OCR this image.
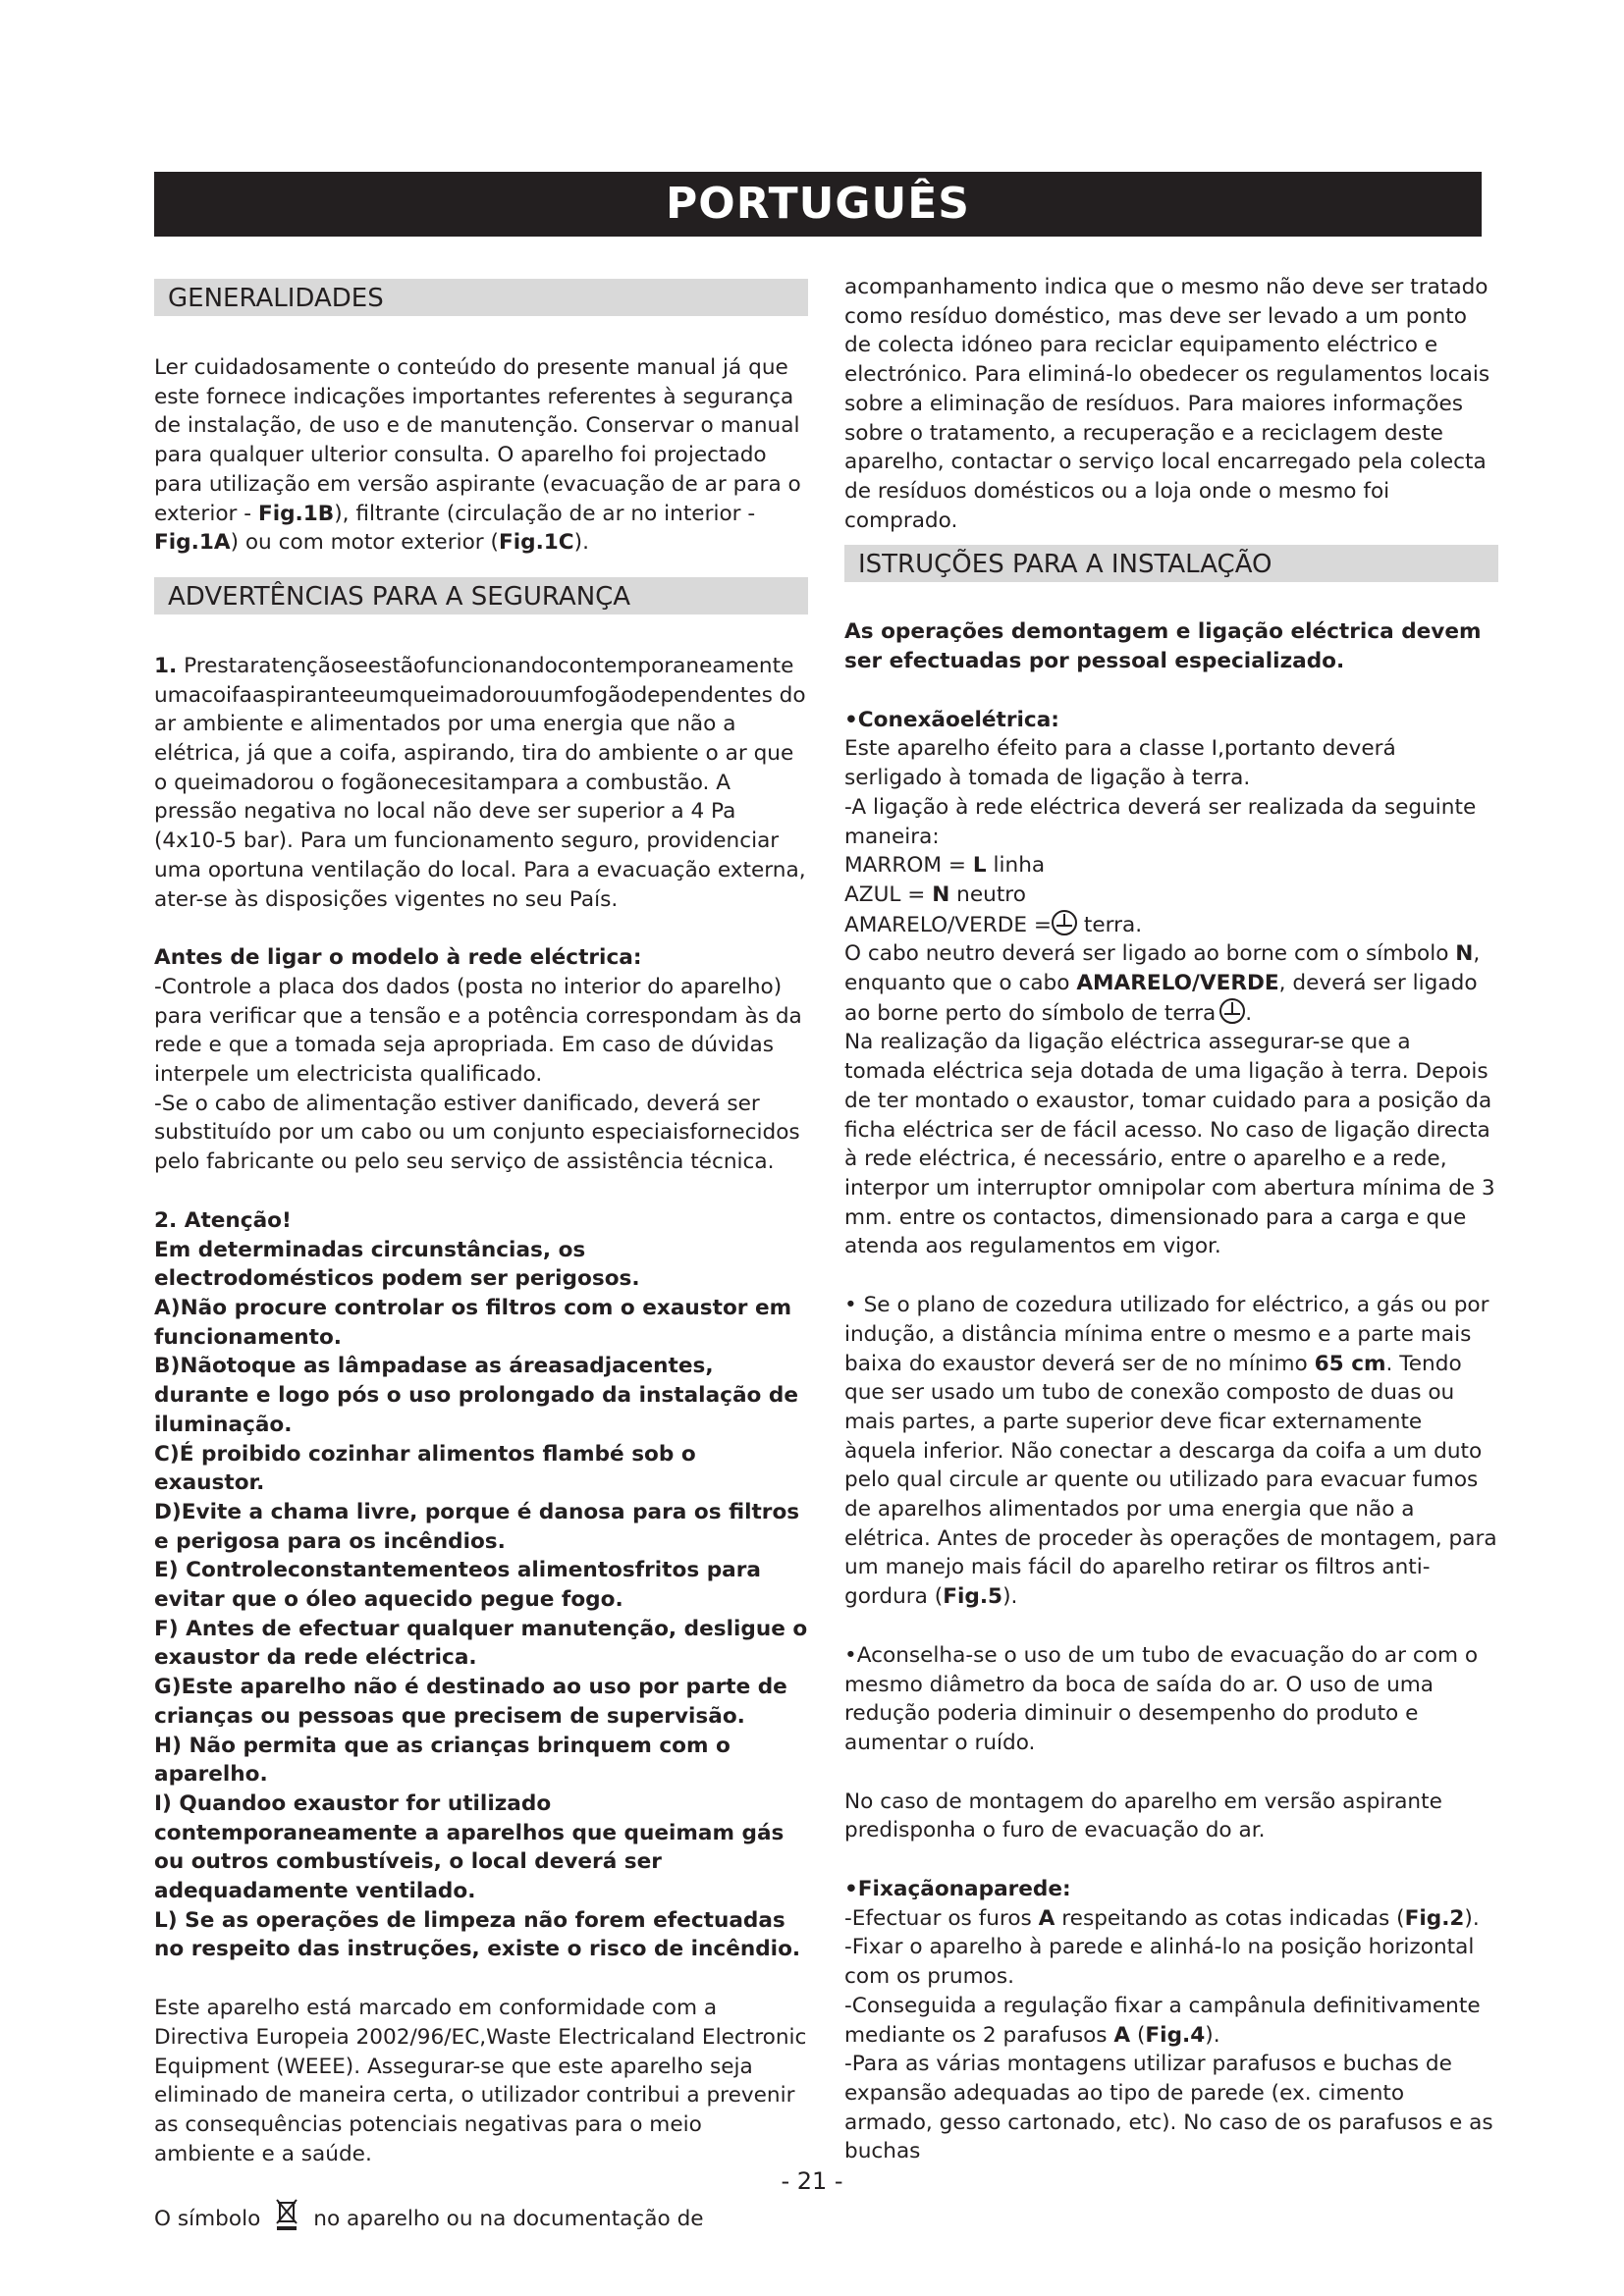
PORTUGUÊS	PT
GENERALIDADES

Ler cuidadosamente o conteúdo do presente manual já que este fornece indicações importantes referentes à segurança de instalação, de uso e de manutenção. Conservar o manual para qualquer ulterior consulta. O aparelho foi projectado para utilização em versão aspirante (evacuação de ar para o exterior - Fig.1B), filtrante (circulação de ar no interior - Fig.1A) ou com motor exterior (Fig.1C).

ADVERTÊNCIAS PARA A SEGURANÇA

1. Prestaratençãoseestãofuncionandocontemporaneamente umacoifaaspiranteeumqueimadorouumfogãodependentes do ar ambiente e alimentados por uma energia que não a elétrica, já que a coifa, aspirando, tira do ambiente o ar que o queimadorou o fogãonecesitampara a combustão. A pressão negativa no local não deve ser superior a 4 Pa (4x10-5 bar). Para um funcionamento seguro, providenciar uma oportuna ventilação do local. Para a evacuação externa, ater-se às disposições vigentes no seu País.

Antes de ligar o modelo à rede eléctrica:

-Controle a placa dos dados (posta no interior do aparelho) para verificar que a tensão e a potência correspondam às da rede e que a tomada seja apropriada. Em caso de dúvidas interpele um electricista qualificado.

-Se o cabo de alimentação estiver danificado, deverá ser substituído por um cabo ou um conjunto especiaisfornecidos pelo fabricante ou pelo seu serviço de assistência técnica.

2. Atenção!

Em determinadas circunstâncias, os electrodomésticos podem ser perigosos.

A)Não procure controlar os filtros com o exaustor em funcionamento.

B)Nãotoque as lâmpadase as áreasadjacentes, durante e logo pós o uso prolongado da instalação de iluminação.

C)É proibido cozinhar alimentos flambé sob o exaustor.

D)Evite a chama livre, porque é danosa para os filtros e perigosa para os incêndios.

E) Controleconstantementeos alimentosfritos para evitar que o óleo aquecido pegue fogo.

F) Antes de efectuar qualquer manutenção, desligue o exaustor da rede eléctrica.

G)Este aparelho não é destinado ao uso por parte de crianças ou pessoas que precisem de supervisão.

H) Não permita que as crianças brinquem com o aparelho.

I) Quandoo exaustor for utilizado contemporaneamente a aparelhos que queimam gás ou outros combustíveis, o local deverá ser adequadamente ventilado.

L) Se as operações de limpeza não forem efectuadas no respeito das instruções, existe o risco de incêndio.

Este aparelho está marcado em conformidade com a Directiva Europeia 2002/96/EC,Waste Electricaland Electronic Equipment (WEEE). Assegurar-se que este aparelho seja eliminado de maneira certa, o utilizador contribui a prevenir as consequências potenciais negativas para o meio ambiente e a saúde.

O símbolo	no aparelho ou na documentação de

acompanhamento indica que o mesmo não deve ser tratado como resíduo doméstico, mas deve ser levado a um ponto de colecta idóneo para reciclar equipamento eléctrico e electrónico. Para eliminá-lo obedecer os regulamentos locais sobre a eliminação de resíduos. Para maiores informações sobre o tratamento, a recuperação e a reciclagem deste aparelho, contactar o serviço local encarregado pela colecta de resíduos domésticos ou a loja onde o mesmo foi comprado.

ISTRUÇÕES PARA A INSTALAÇÃO

As operações demontagem e ligação eléctrica devem ser efectuadas por pessoal especializado.

•Conexãoelétrica:

Este aparelho éfeito para a classe I,portanto deverá serligado à tomada de ligação à terra.

-A ligação à rede eléctrica deverá ser realizada da seguinte maneira:

MARROM = L linha

AZUL = N neutro

AMARELO/VERDE = terra.

O cabo neutro deverá ser ligado ao borne com o símbolo N, enquanto que o cabo AMARELO/VERDE, deverá ser ligado ao borne perto do símbolo de terra .

Na realização da ligação eléctrica assegurar-se que a tomada eléctrica seja dotada de uma ligação à terra. Depois de ter montado o exaustor, tomar cuidado para a posição da ficha eléctrica ser de fácil acesso. No caso de ligação directa à rede eléctrica, é necessário, entre o aparelho e a rede, interpor um interruptor omnipolar com abertura mínima de 3 mm. entre os contactos, dimensionado para a carga e que atenda aos regulamentos em vigor.

• Se o plano de cozedura utilizado for eléctrico, a gás ou por indução, a distância mínima entre o mesmo e a parte mais baixa do exaustor deverá ser de no mínimo 65 cm. Tendo que ser usado um tubo de conexão composto de duas ou mais partes, a parte superior deve ficar externamente àquela inferior. Não conectar a descarga da coifa a um duto pelo qual circule ar quente ou utilizado para evacuar fumos de aparelhos alimentados por uma energia que não a elétrica. Antes de proceder às operações de montagem, para um manejo mais fácil do aparelho retirar os filtros anti-gordura (Fig.5).

•Aconselha-se o uso de um tubo de evacuação do ar com o mesmo diâmetro da boca de saída do ar. O uso de uma redução poderia diminuir o desempenho do produto e aumentar o ruído.

No caso de montagem do aparelho em versão aspirante predisponha o furo de evacuação do ar.

•Fixaçãonaparede:

-Efectuar os furos A respeitando as cotas indicadas (Fig.2).

-Fixar o aparelho à parede e alinhá-lo na posição horizontal com os prumos.

-Conseguida a regulação fixar a campânula definitivamente mediante os 2 parafusos A (Fig.4).

-Para as várias montagens utilizar parafusos e buchas de expansão adequadas ao tipo de parede (ex. cimento armado, gesso cartonado, etc). No caso de os parafusos e as buchas

- 21 -
